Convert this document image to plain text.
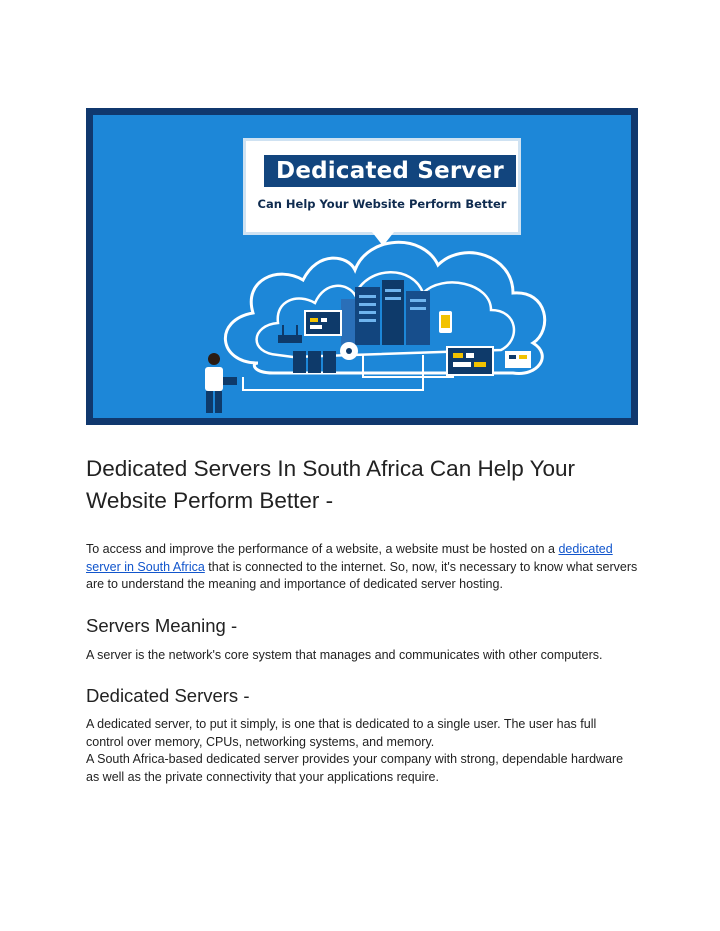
Dedicated Server
Can Help Your Website Perform Better
Dedicated Servers In South Africa Can Help Your
Website Perform Better -

To access and improve the performance of a website, a website must be hosted on a dedicated
server in South Africa that is connected to the internet. So, now, it's necessary to know what servers are to understand the meaning and importance of dedicated server hosting.

Servers Meaning -

A server is the network's core system that manages and communicates with other computers.

Dedicated Servers -

A dedicated server, to put it simply, is one that is dedicated to a single user. The user has full control over memory, CPUs, networking systems, and memory.
A South Africa-based dedicated server provides your company with strong, dependable hardware as well as the private connectivity that your applications require.
